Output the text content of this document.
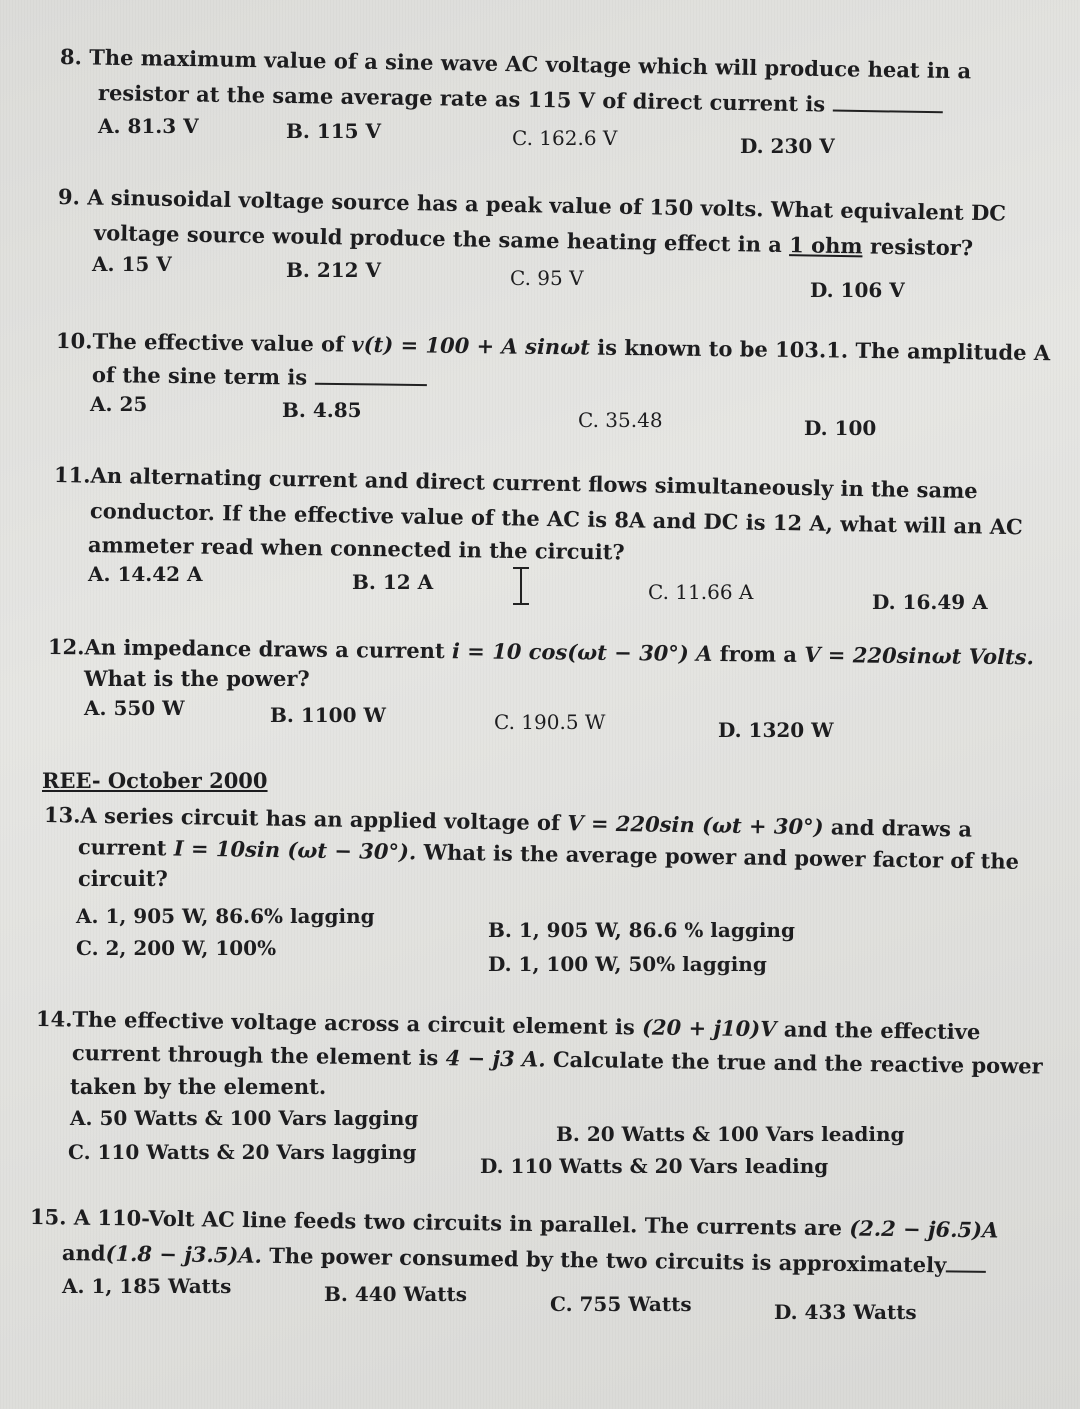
8. The maximum value of a sine wave AC voltage which will produce heat in a
resistor at the same average rate as 115 V of direct current is
A. 81.3 V	B. 115 V	C. 162.6 V	D. 230 V
9. A sinusoidal voltage source has a peak value of 150 volts. What equivalent DC
voltage source would produce the same heating effect in a 1 ohm resistor?
A. 15 V	B. 212 V	C. 95 V	D. 106 V
10.The effective value of v(t) = 100 + A sinωt is known to be 103.1. The amplitude A
of the sine term is
A. 25	B. 4.85	C. 35.48	D. 100
11.An alternating current and direct current flows simultaneously in the same
conductor. If the effective value of the AC is 8A and DC is 12 A, what will an AC
ammeter read when connected in the circuit?
A. 14.42 A	B. 12 A	C. 11.66 A	D. 16.49 A
12.An impedance draws a current i = 10 cos(ωt − 30°) A from a V = 220sinωt Volts.
What is the power?
A. 550 W	B. 1100 W	C. 190.5 W	D. 1320 W
REE- October 2000
13.A series circuit has an applied voltage of V = 220sin (ωt + 30°) and draws a
current I = 10sin (ωt − 30°). What is the average power and power factor of the
circuit?
A. 1, 905 W, 86.6% lagging
B. 1, 905 W, 86.6 % lagging
C. 2, 200 W, 100%
D. 1, 100 W, 50% lagging
14.The effective voltage across a circuit element is (20 + j10)V and the effective
current through the element is 4 − j3 A. Calculate the true and the reactive power
taken by the element.
A. 50 Watts & 100 Vars lagging
B. 20 Watts & 100 Vars leading
C. 110 Watts & 20 Vars lagging
D. 110 Watts & 20 Vars leading
15. A 110-Volt AC line feeds two circuits in parallel. The currents are (2.2 − j6.5)A
and(1.8 − j3.5)A. The power consumed by the two circuits is approximately
A. 1, 185 Watts	B. 440 Watts	C. 755 Watts	D. 433 Watts
